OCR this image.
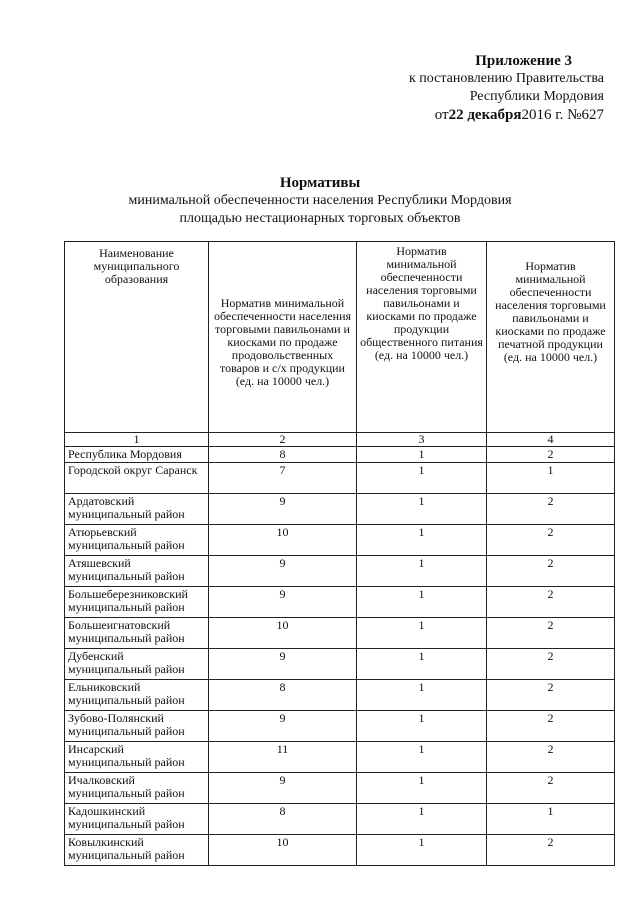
Приложение 3
к постановлению Правительства
Республики Мордовия
от22 декабря2016 г. №627
Нормативы
минимальной обеспеченности населения Республики Мордовия
площадью нестационарных торговых объектов
Наименование муниципального образования	Норматив минимальной обеспеченности населения торговыми павильонами и киосками по продаже продовольственных товаров и с/х продукции (ед. на 10000 чел.)	Норматив минимальной обеспеченности населения торговыми павильонами и киосками по продаже продукции общественного питания (ед. на 10000 чел.)	Норматив минимальной обеспеченности населения торговыми павильонами и киосками по продаже печатной продукции (ед. на 10000 чел.)
1	2	3	4
Республика Мордовия	8	1	2
Городской округ Саранск	7	1	1
Ардатовский муниципальный район	9	1	2
Атюрьевский муниципальный район	10	1	2
Атяшевский муниципальный район	9	1	2
Большеберезниковский муниципальный район	9	1	2
Большеигнатовский муниципальный район	10	1	2
Дубенский муниципальный район	9	1	2
Ельниковский муниципальный район	8	1	2
Зубово-Полянский муниципальный район	9	1	2
Инсарский муниципальный район	11	1	2
Ичалковский муниципальный район	9	1	2
Кадошкинский муниципальный район	8	1	1
Ковылкинский муниципальный район	10	1	2
